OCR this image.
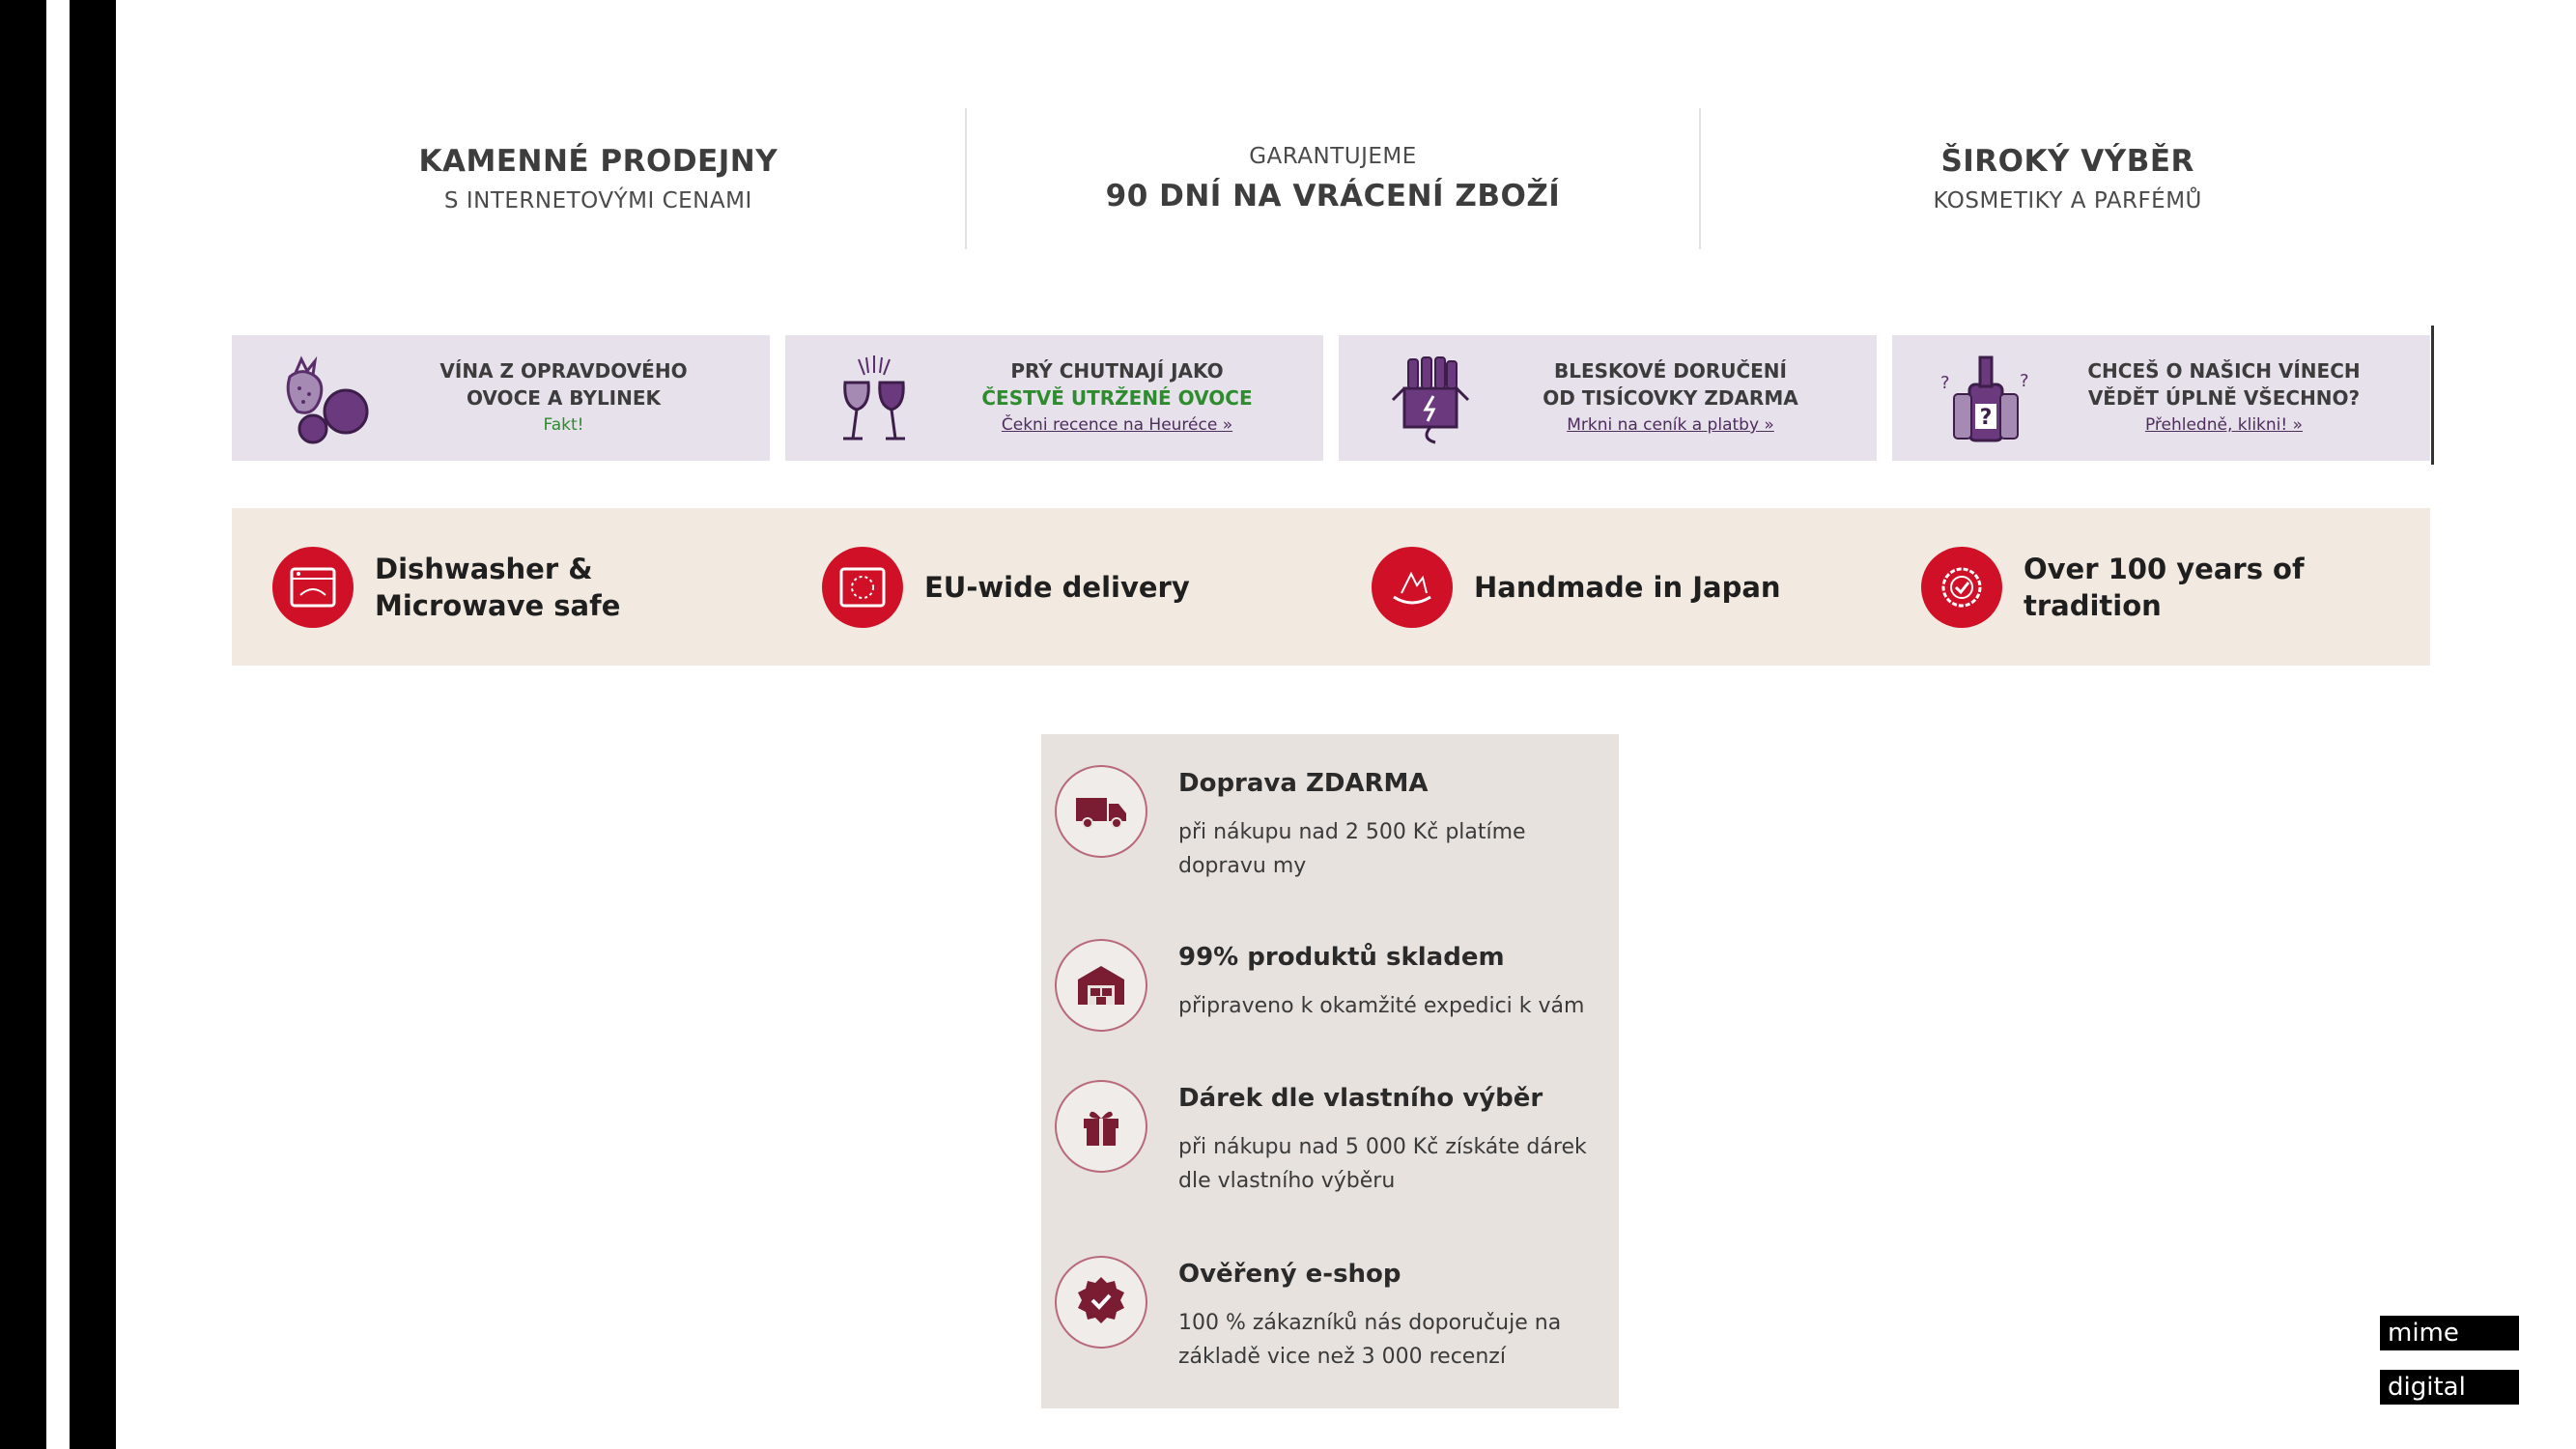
KAMENNÉ PRODEJNY
S INTERNETOVÝMI CENAMI
GARANTUJEME
90 DNÍ NA VRÁCENÍ ZBOŽÍ
ŠIROKÝ VÝBĚR
KOSMETIKY A PARFÉMŮ
VÍNA Z OPRAVDOVÉHO
OVOCE A BYLINEK
Fakt!
PRÝ CHUTNAJÍ JAKO
ČESTVĚ UTRŽENÉ OVOCE
Čekni recence na Heuréce »
BLESKOVÉ DORUČENÍ
OD TISÍCOVKY ZDARMA
Mrkni na ceník a platby »	?
?	?	CHCEŠ O NAŠICH VÍNECH
VĚDĚT ÚPLNĚ VŠECHNO?
Přehledně, klikni! »
Dishwasher &
Microwave safe
EU-wide delivery	Handmade in Japan
Over 100 years of tradition
Doprava ZDARMA
při nákupu nad 2 500 Kč platíme dopravu my
99% produktů skladem
připraveno k okamžité expedici k vám
Dárek dle vlastního výběr
při nákupu nad 5 000 Kč získáte dárek dle vlastního výběru
Ověřený e-shop
100 % zákazníků nás doporučuje na základě vice než 3 000 recenzí
mime
digital
